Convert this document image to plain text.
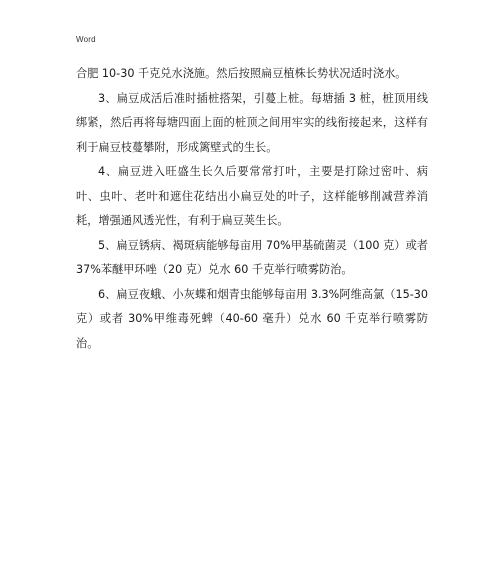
Word

合肥 10-30 千克兑水浇施。然后按照扁豆植株长势状况适时浇水。

3、扁豆成活后准时插桩搭架，引蔓上桩。每塘插 3 桩，桩顶用线绑紧，然后再将每塘四面上面的桩顶之间用牢实的线衔接起来，这样有利于扁豆枝蔓攀附，形成篱壁式的生长。

4、扁豆进入旺盛生长久后要常常打叶，主要是打除过密叶、病叶、虫叶、老叶和遮住花结出小扁豆处的叶子，这样能够削减营养消耗，增强通风透光性，有利于扁豆荚生长。

5、扁豆锈病、褐斑病能够每亩用 70%甲基硫菌灵（100 克）或者 37%苯醚甲环唑（20 克）兑水 60 千克举行喷雾防治。

6、扁豆夜蛾、小灰蝶和烟青虫能够每亩用 3.3%阿维高氯（15-30 克）或者 30%甲维毒死蜱（40-60 毫升）兑水 60 千克举行喷雾防治。
